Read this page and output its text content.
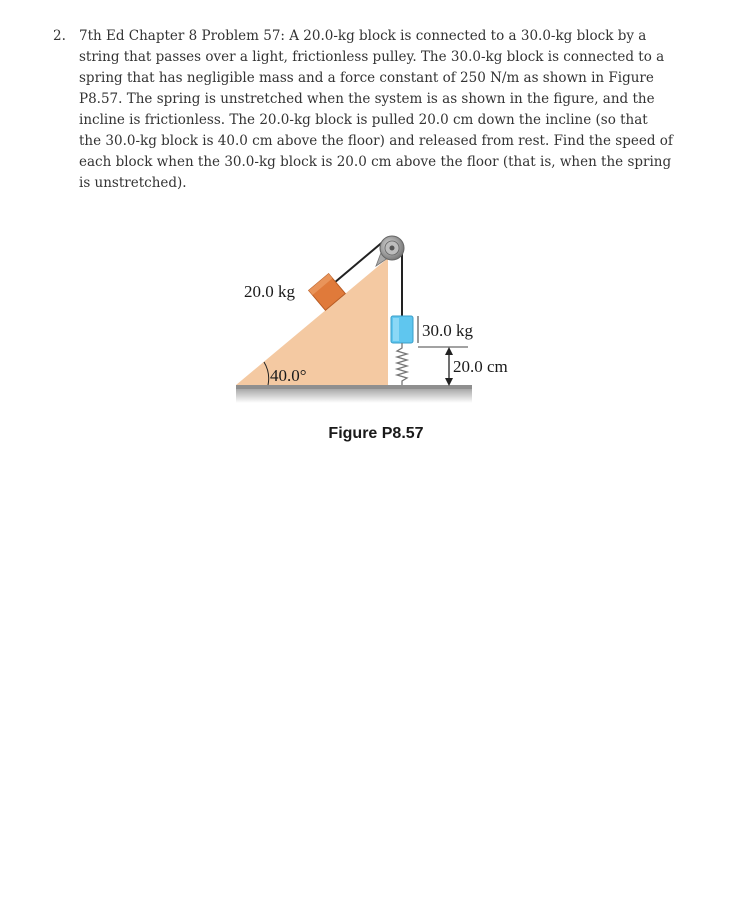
2. 7th Ed Chapter 8 Problem 57: A 20.0-kg block is connected to a 30.0-kg block by a string that passes over a light, frictionless pulley. The 30.0-kg block is connected to a spring that has negligible mass and a force constant of 250 N/m as shown in Figure P8.57. The spring is unstretched when the system is as shown in the figure, and the incline is frictionless. The 20.0-kg block is pulled 20.0 cm down the incline (so that the 30.0-kg block is 40.0 cm above the floor) and released from rest. Find the speed of each block when the 30.0-kg block is 20.0 cm above the floor (that is, when the spring is unstretched).
20.0 kg
30.0 kg
20.0 cm
40.0°
Figure P8.57
